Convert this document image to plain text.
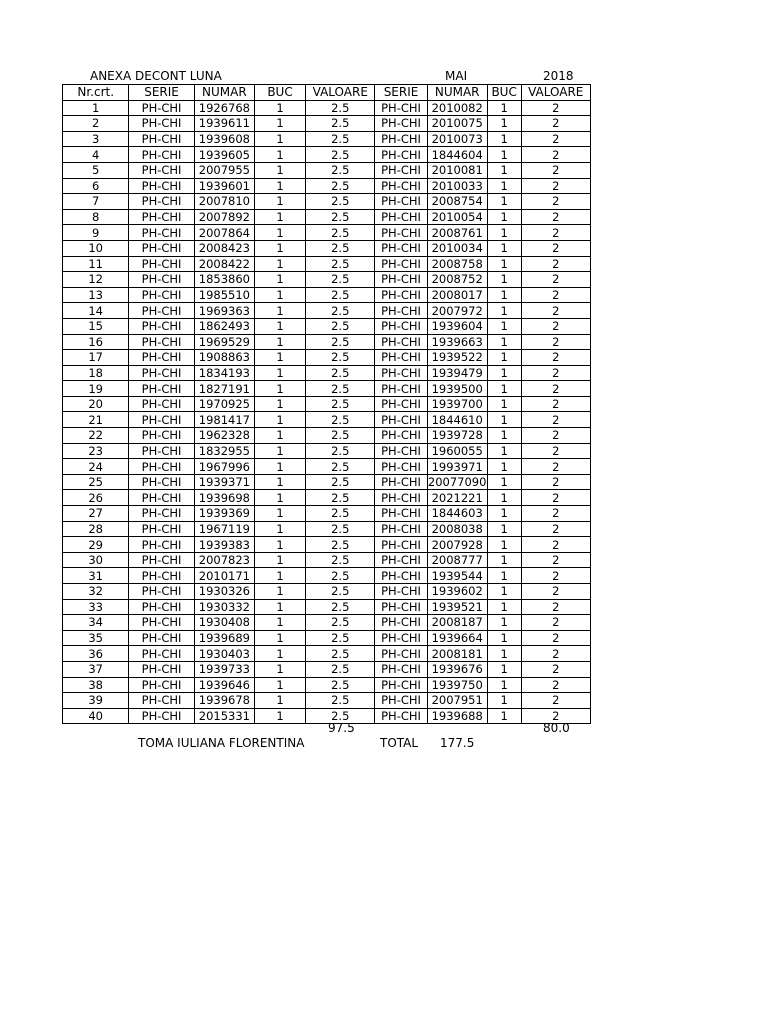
ANEXA DECONT LUNA	MAI	2018
Nr.crt.	SERIE	NUMAR	BUC	VALOARE	SERIE	NUMAR	BUC	VALOARE
1	PH-CHI	1926768	1	2.5	PH-CHI	2010082	1	2
2	PH-CHI	1939611	1	2.5	PH-CHI	2010075	1	2
3	PH-CHI	1939608	1	2.5	PH-CHI	2010073	1	2
4	PH-CHI	1939605	1	2.5	PH-CHI	1844604	1	2
5	PH-CHI	2007955	1	2.5	PH-CHI	2010081	1	2
6	PH-CHI	1939601	1	2.5	PH-CHI	2010033	1	2
7	PH-CHI	2007810	1	2.5	PH-CHI	2008754	1	2
8	PH-CHI	2007892	1	2.5	PH-CHI	2010054	1	2
9	PH-CHI	2007864	1	2.5	PH-CHI	2008761	1	2
10	PH-CHI	2008423	1	2.5	PH-CHI	2010034	1	2
11	PH-CHI	2008422	1	2.5	PH-CHI	2008758	1	2
12	PH-CHI	1853860	1	2.5	PH-CHI	2008752	1	2
13	PH-CHI	1985510	1	2.5	PH-CHI	2008017	1	2
14	PH-CHI	1969363	1	2.5	PH-CHI	2007972	1	2
15	PH-CHI	1862493	1	2.5	PH-CHI	1939604	1	2
16	PH-CHI	1969529	1	2.5	PH-CHI	1939663	1	2
17	PH-CHI	1908863	1	2.5	PH-CHI	1939522	1	2
18	PH-CHI	1834193	1	2.5	PH-CHI	1939479	1	2
19	PH-CHI	1827191	1	2.5	PH-CHI	1939500	1	2
20	PH-CHI	1970925	1	2.5	PH-CHI	1939700	1	2
21	PH-CHI	1981417	1	2.5	PH-CHI	1844610	1	2
22	PH-CHI	1962328	1	2.5	PH-CHI	1939728	1	2
23	PH-CHI	1832955	1	2.5	PH-CHI	1960055	1	2
24	PH-CHI	1967996	1	2.5	PH-CHI	1993971	1	2
25	PH-CHI	1939371	1	2.5	PH-CHI	20077090	1	2
26	PH-CHI	1939698	1	2.5	PH-CHI	2021221	1	2
27	PH-CHI	1939369	1	2.5	PH-CHI	1844603	1	2
28	PH-CHI	1967119	1	2.5	PH-CHI	2008038	1	2
29	PH-CHI	1939383	1	2.5	PH-CHI	2007928	1	2
30	PH-CHI	2007823	1	2.5	PH-CHI	2008777	1	2
31	PH-CHI	2010171	1	2.5	PH-CHI	1939544	1	2
32	PH-CHI	1930326	1	2.5	PH-CHI	1939602	1	2
33	PH-CHI	1930332	1	2.5	PH-CHI	1939521	1	2
34	PH-CHI	1930408	1	2.5	PH-CHI	2008187	1	2
35	PH-CHI	1939689	1	2.5	PH-CHI	1939664	1	2
36	PH-CHI	1930403	1	2.5	PH-CHI	2008181	1	2
37	PH-CHI	1939733	1	2.5	PH-CHI	1939676	1	2
38	PH-CHI	1939646	1	2.5	PH-CHI	1939750	1	2
39	PH-CHI	1939678	1	2.5	PH-CHI	2007951	1	2
40	PH-CHI	2015331	1	2.5	PH-CHI	1939688	1	2
97.5	80.0
TOMA IULIANA FLORENTINA	TOTAL 177.5
